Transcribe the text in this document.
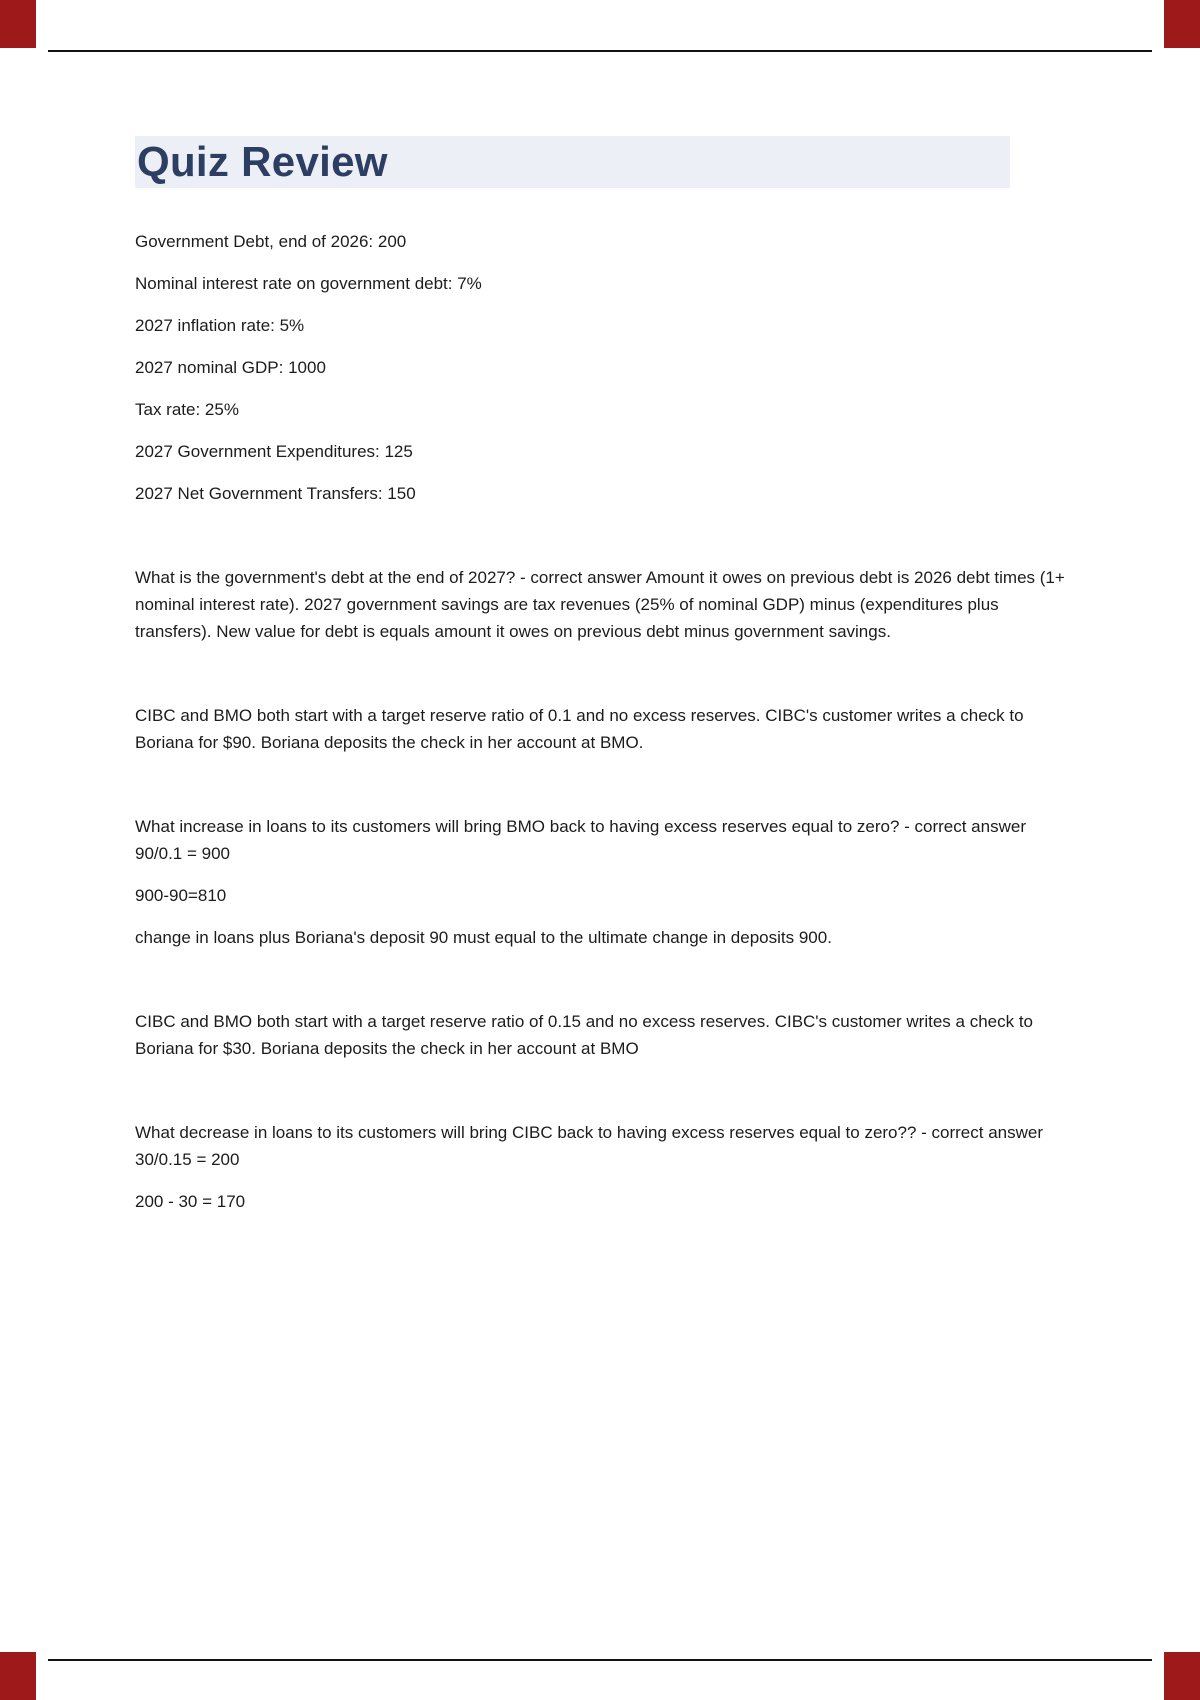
Quiz Review

Government Debt, end of 2026: 200

Nominal interest rate on government debt: 7%

2027 inflation rate: 5%

2027 nominal GDP: 1000

Tax rate: 25%

2027 Government Expenditures: 125

2027 Net Government Transfers: 150

What is the government's debt at the end of 2027? - correct answer Amount it owes on previous debt is 2026 debt times (1+ nominal interest rate). 2027 government savings are tax revenues (25% of nominal GDP) minus (expenditures plus transfers). New value for debt is equals amount it owes on previous debt minus government savings.

CIBC and BMO both start with a target reserve ratio of 0.1 and no excess reserves. CIBC's customer writes a check to Boriana for $90. Boriana deposits the check in her account at BMO.

What increase in loans to its customers will bring BMO back to having excess reserves equal to zero? - correct answer 90/0.1 = 900

900-90=810

change in loans plus Boriana's deposit 90 must equal to the ultimate change in deposits 900.

CIBC and BMO both start with a target reserve ratio of 0.15 and no excess reserves. CIBC's customer writes a check to Boriana for $30. Boriana deposits the check in her account at BMO

What decrease in loans to its customers will bring CIBC back to having excess reserves equal to zero?? - correct answer 30/0.15 = 200

200 - 30 = 170
